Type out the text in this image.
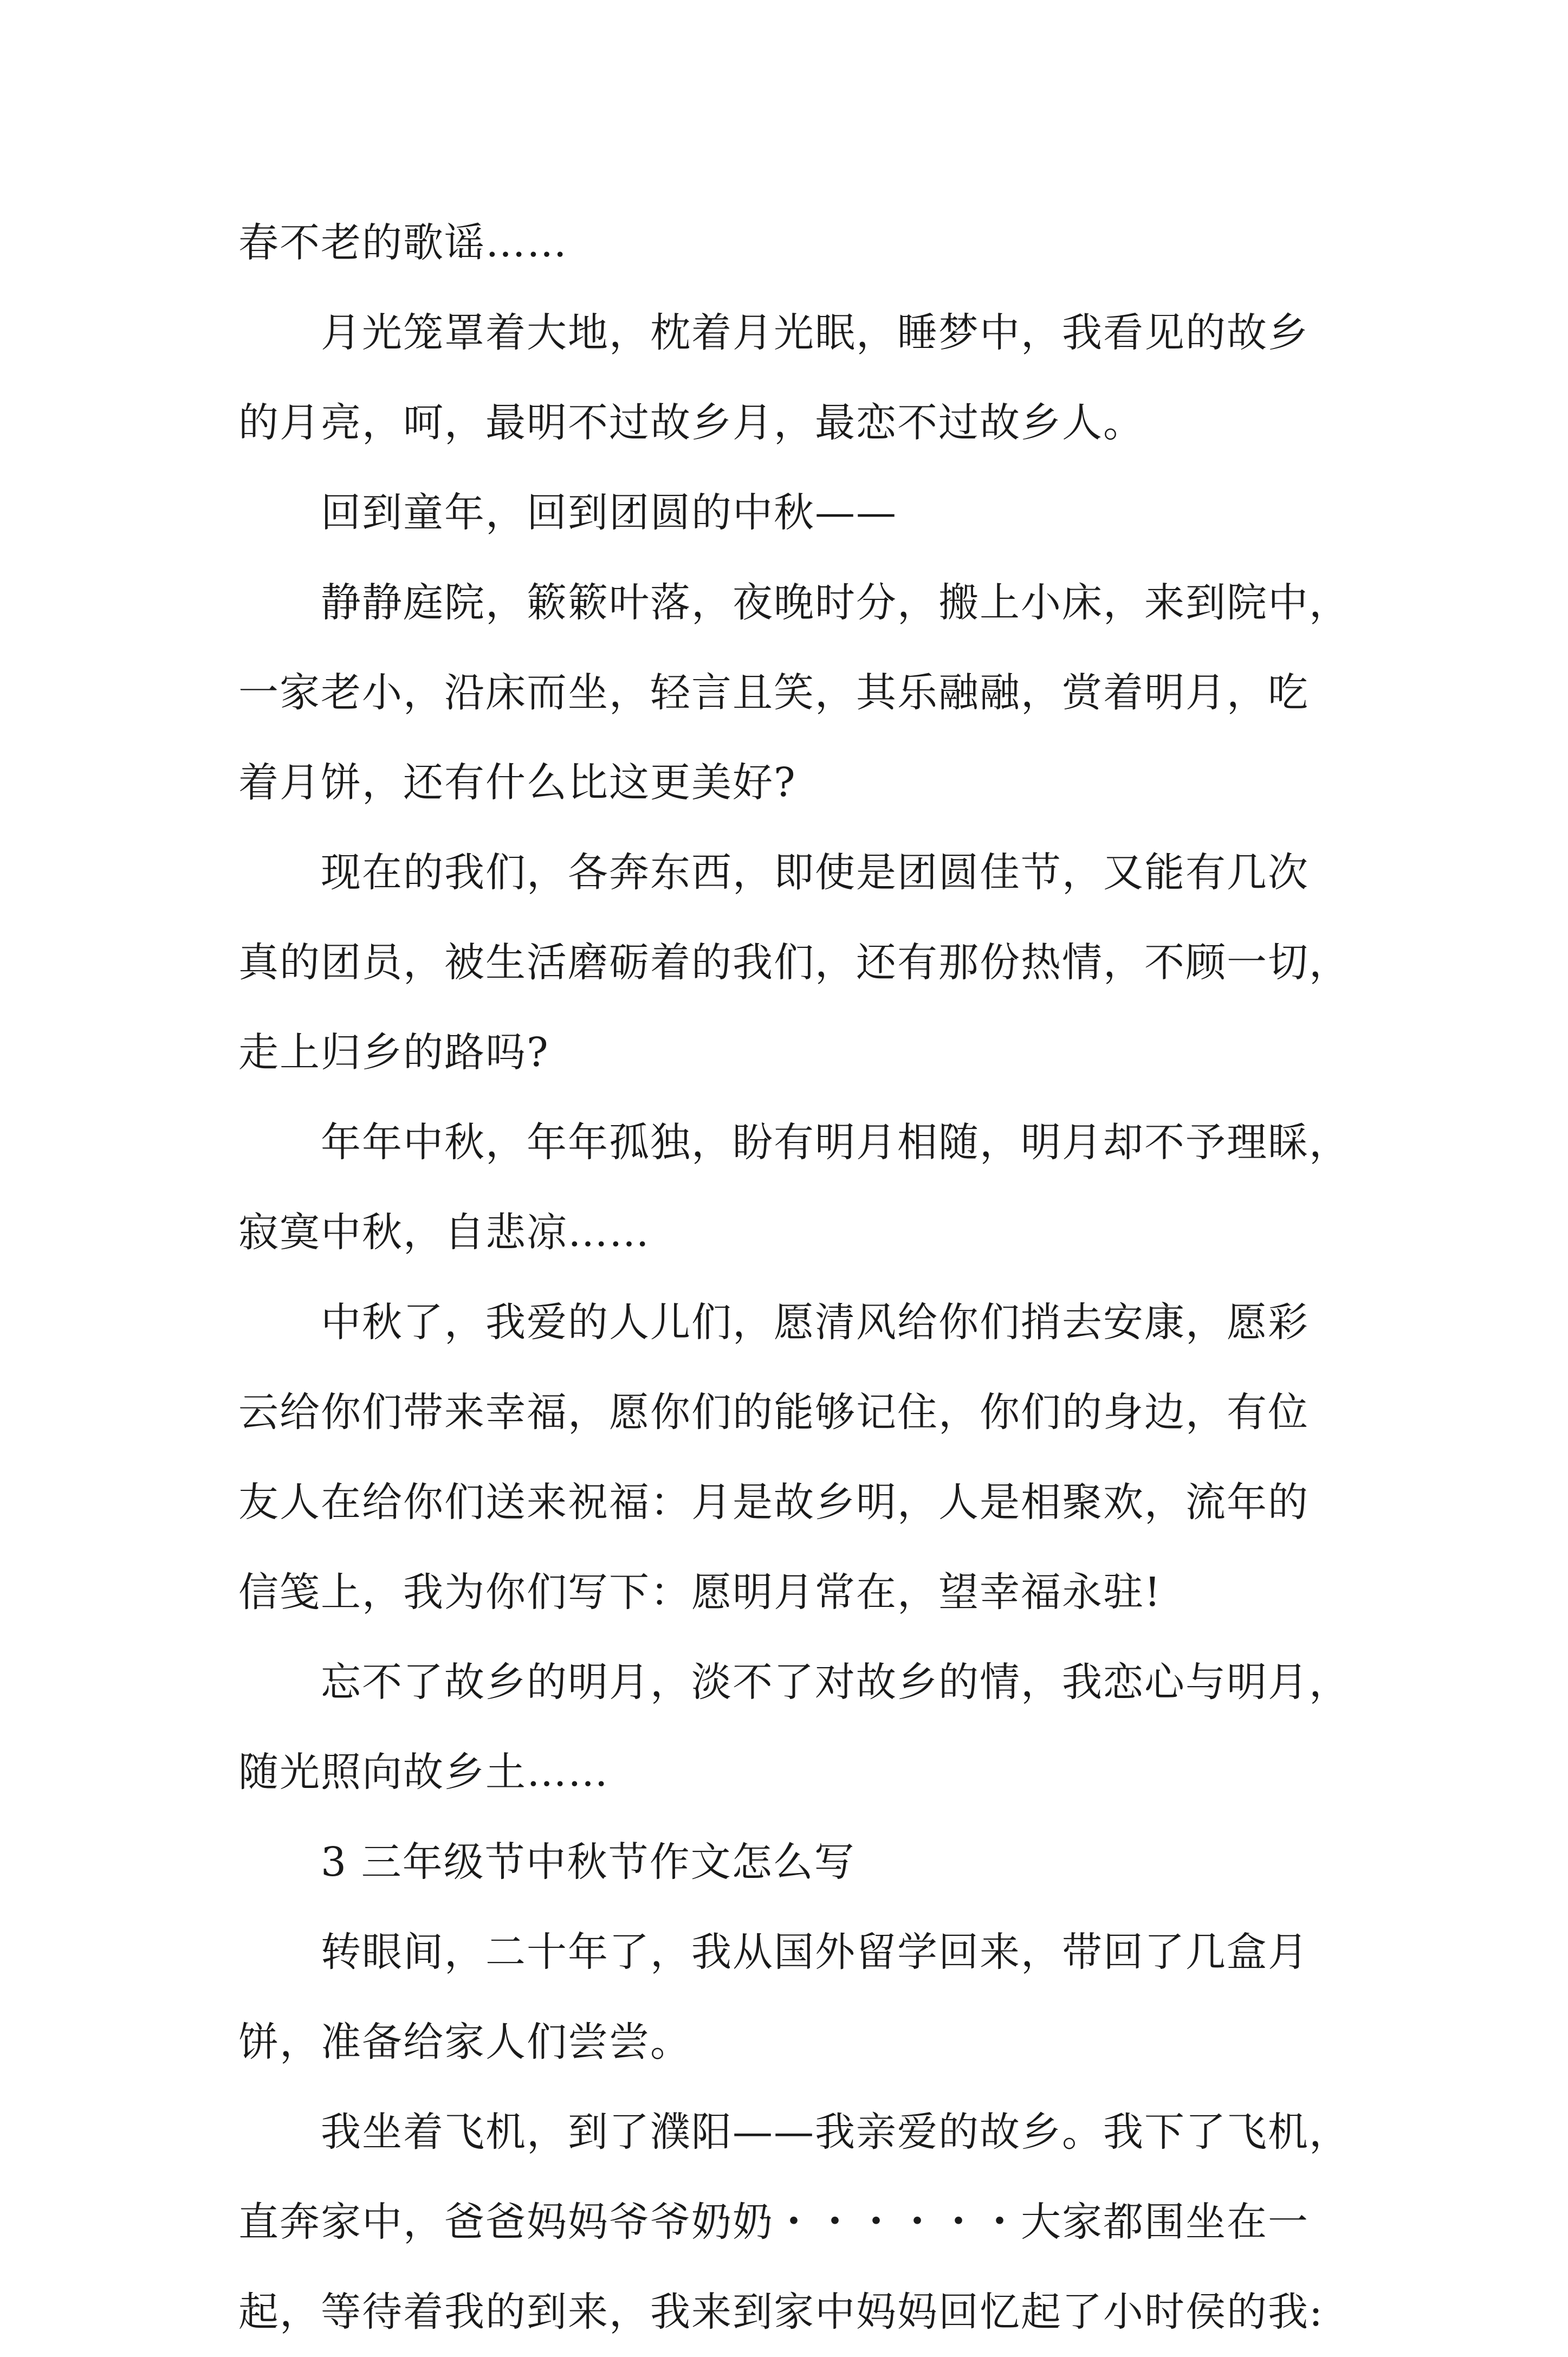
春不老的歌谣……
月光笼罩着大地，枕着月光眠，睡梦中，我看见的故乡
的月亮，呵，最明不过故乡月，最恋不过故乡人。
回到童年，回到团圆的中秋——
静静庭院，簌簌叶落，夜晚时分，搬上小床，来到院中，
一家老小，沿床而坐，轻言且笑，其乐融融，赏着明月，吃
着月饼，还有什么比这更美好?
现在的我们，各奔东西，即使是团圆佳节，又能有几次
真的团员，被生活磨砺着的我们，还有那份热情，不顾一切，
走上归乡的路吗?
年年中秋，年年孤独，盼有明月相随，明月却不予理睬，
寂寞中秋，自悲凉……
中秋了，我爱的人儿们，愿清风给你们捎去安康，愿彩
云给你们带来幸福，愿你们的能够记住，你们的身边，有位
友人在给你们送来祝福：月是故乡明，人是相聚欢，流年的
信笺上，我为你们写下：愿明月常在，望幸福永驻!
忘不了故乡的明月，淡不了对故乡的情，我恋心与明月，
随光照向故乡土……
3 三年级节中秋节作文怎么写
转眼间，二十年了，我从国外留学回来，带回了几盒月
饼，准备给家人们尝尝。
我坐着飞机，到了濮阳——我亲爱的故乡。我下了飞机，
直奔家中，爸爸妈妈爷爷奶奶・・・・・・大家都围坐在一
起，等待着我的到来，我来到家中妈妈回忆起了小时侯的我:
